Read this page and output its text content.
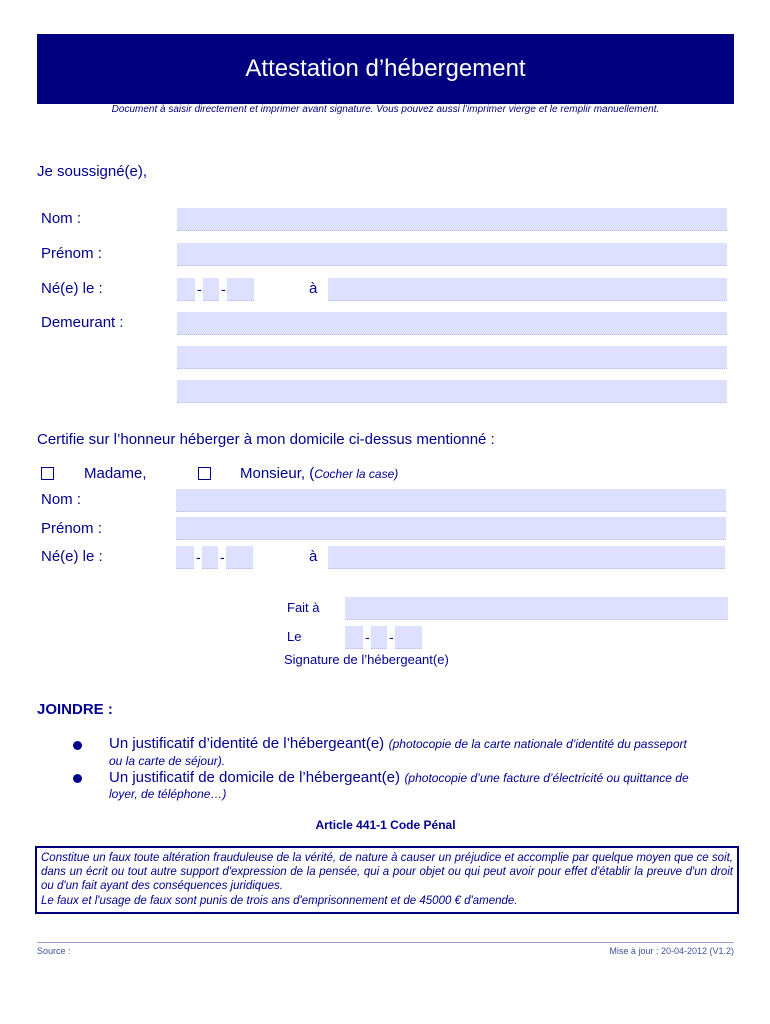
Attestation d’hébergement
Document à saisir directement et imprimer avant signature. Vous pouvez aussi l’imprimer vierge et le remplir manuellement.
Je soussigné(e),
Nom :
Prénom :
Né(e) le :	- -	à
Demeurant :
Certifie sur l’honneur héberger à mon domicile ci-dessus mentionné :
Madame,	Monsieur, (Cocher la case)
Nom :
Prénom :
Né(e) le :	- -	à
Fait à
Le	- -
Signature de l’hébergeant(e)
JOINDRE :
Un justificatif d’identité de l’hébergeant(e) (photocopie de la carte nationale d’identité du passeport
ou la carte de séjour).
Un justificatif de domicile de l’hébergeant(e) (photocopie d’une facture d’électricité ou quittance de
loyer, de téléphone…)
Article 441-1 Code Pénal
Constitue un faux toute altération frauduleuse de la vérité, de nature à causer un préjudice et accomplie par quelque moyen que ce soit, dans un écrit ou tout autre support d'expression de la pensée, qui a pour objet ou qui peut avoir pour effet d'établir la preuve d'un droit ou d'un fait ayant des conséquences juridiques.
Le faux et l'usage de faux sont punis de trois ans d'emprisonnement et de 45000 € d'amende.
Source :	Mise à jour : 20-04-2012 (V1.2)
